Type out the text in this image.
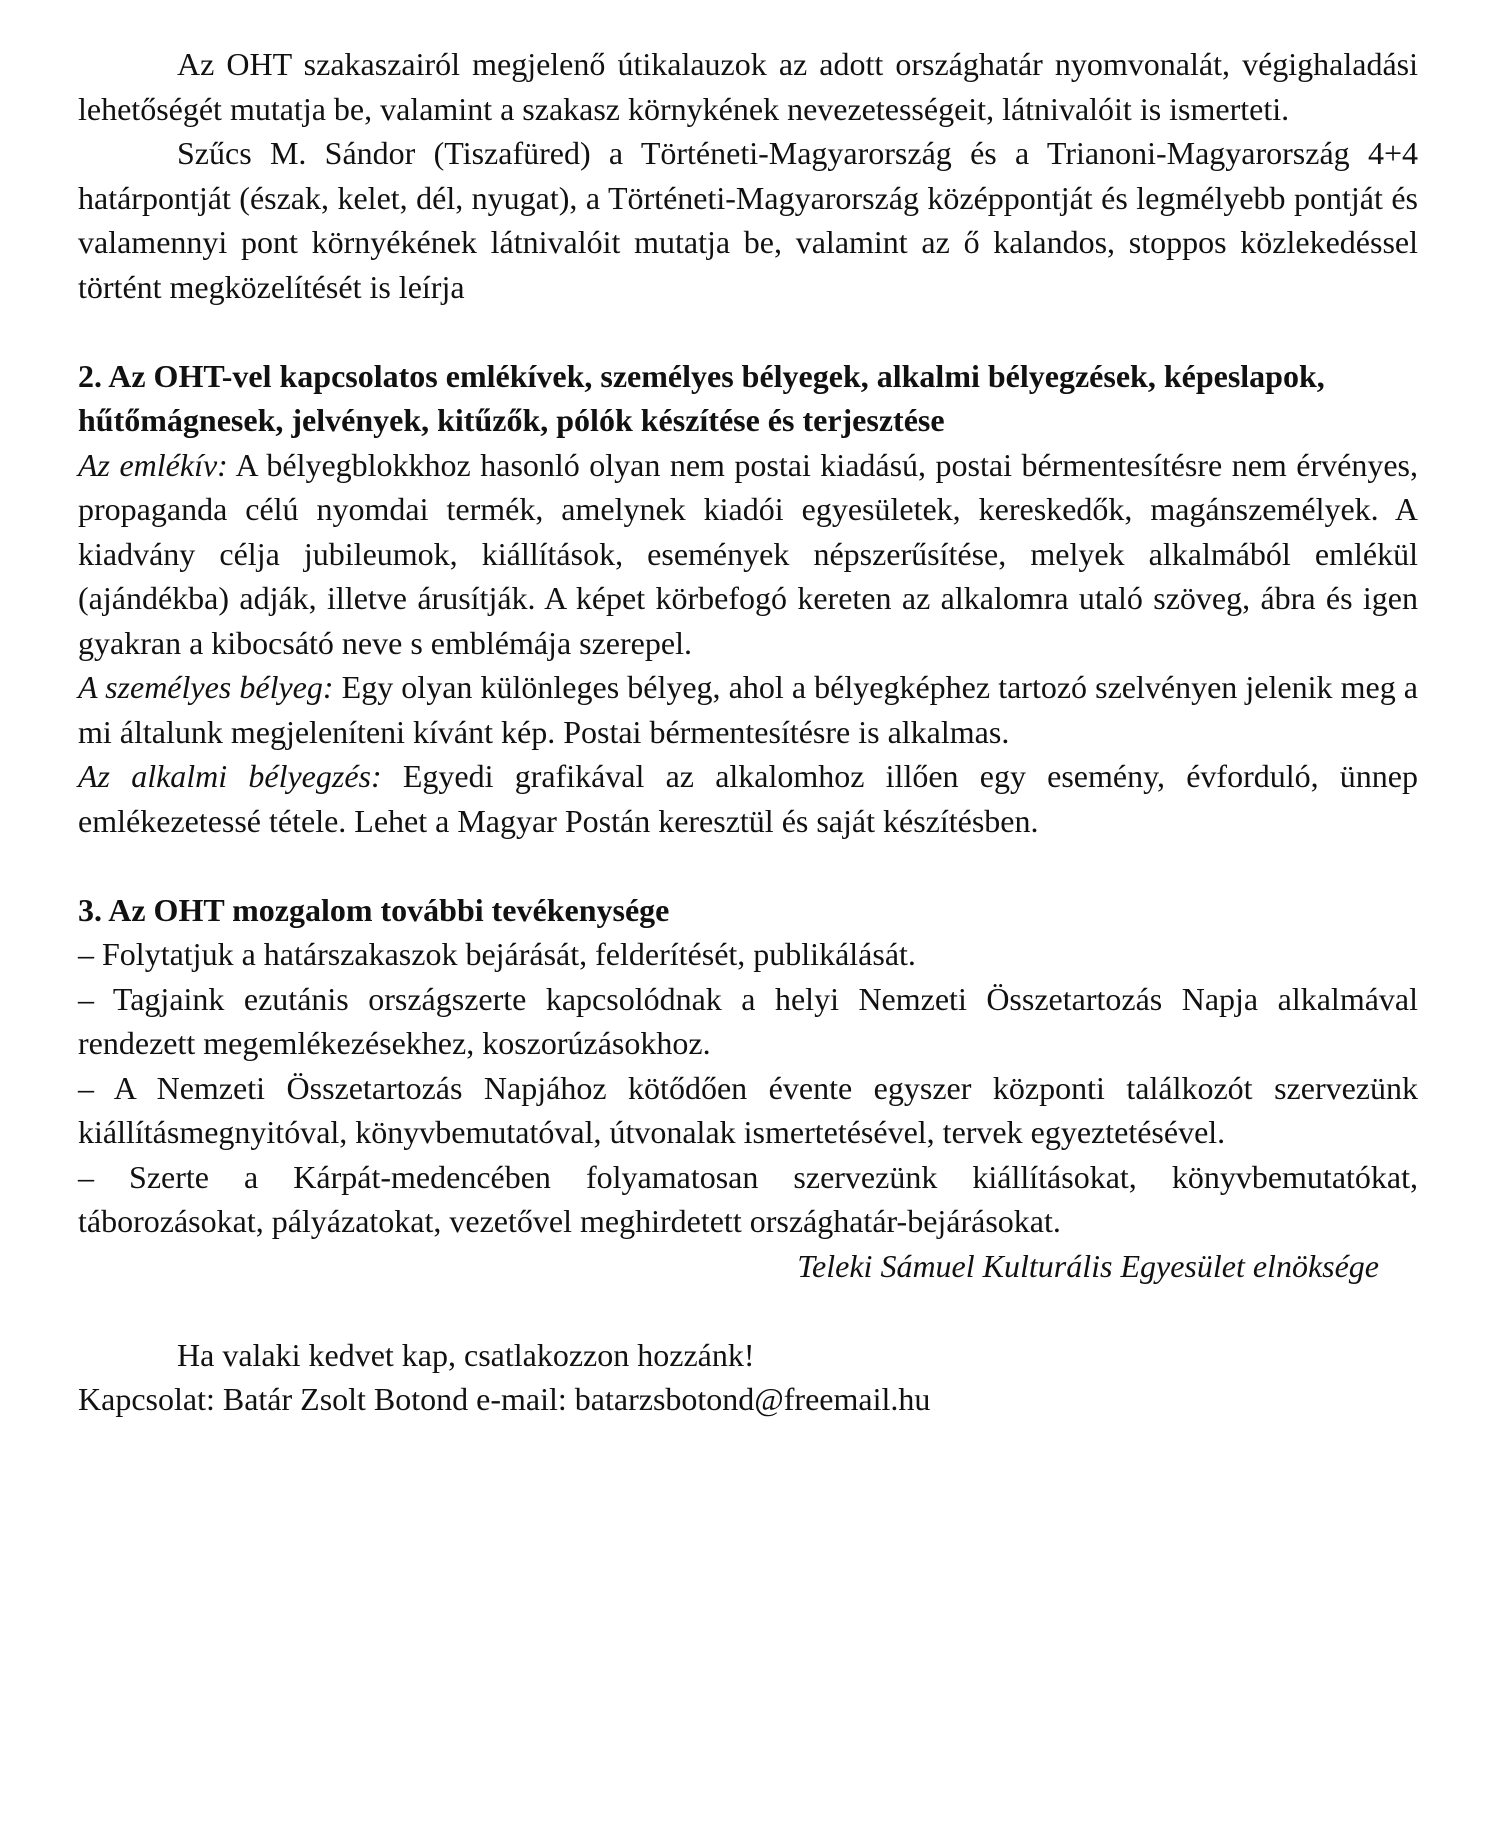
Az OHT szakaszairól megjelenő útikalauzok az adott országhatár nyomvonalát, végighaladási lehetőségét mutatja be, valamint a szakasz környkének nevezetességeit, látnivalóit is ismerteti.

Szűcs M. Sándor (Tiszafüred) a Történeti-Magyarország és a Trianoni-Magyarország 4+4 határpontját (észak, kelet, dél, nyugat), a Történeti-Magyarország középpontját és legmélyebb pontját és valamennyi pont környékének látnivalóit mutatja be, valamint az ő kalandos, stoppos közlekedéssel történt megközelítését is leírja

2. Az OHT-vel kapcsolatos emlékívek, személyes bélyegek, alkalmi bélyegzések, képeslapok, hűtőmágnesek, jelvények, kitűzők, pólók készítése és terjesztése

Az emlékív: A bélyegblokkhoz hasonló olyan nem postai kiadású, postai bérmentesítésre nem érvényes, propaganda célú nyomdai termék, amelynek kiadói egyesületek, kereskedők, magánszemélyek. A kiadvány célja jubileumok, kiállítások, események népszerűsítése, melyek alkalmából emlékül (ajándékba) adják, illetve árusítják. A képet körbefogó kereten az alkalomra utaló szöveg, ábra és igen gyakran a kibocsátó neve s emblémája szerepel.

A személyes bélyeg: Egy olyan különleges bélyeg, ahol a bélyegképhez tartozó szelvényen jelenik meg a mi általunk megjeleníteni kívánt kép. Postai bérmentesítésre is alkalmas.

Az alkalmi bélyegzés: Egyedi grafikával az alkalomhoz illően egy esemény, évforduló, ünnep emlékezetessé tétele. Lehet a Magyar Postán keresztül és saját készítésben.

3. Az OHT mozgalom további tevékenysége

– Folytatjuk a határszakaszok bejárását, felderítését, publikálását.

– Tagjaink ezutánis országszerte kapcsolódnak a helyi Nemzeti Összetartozás Napja alkalmával rendezett megemlékezésekhez, koszorúzásokhoz.

– A Nemzeti Összetartozás Napjához kötődően évente egyszer központi találkozót szervezünk kiállításmegnyitóval, könyvbemutatóval, útvonalak ismertetésével, tervek egyeztetésével.

– Szerte a Kárpát-medencében folyamatosan szervezünk kiállításokat, könyvbemutatókat, táborozásokat, pályázatokat, vezetővel meghirdetett országhatár-bejárásokat.

Teleki Sámuel Kulturális Egyesület elnöksége

Ha valaki kedvet kap, csatlakozzon hozzánk!

Kapcsolat: Batár Zsolt Botond e-mail: batarzsbotond@freemail.hu
